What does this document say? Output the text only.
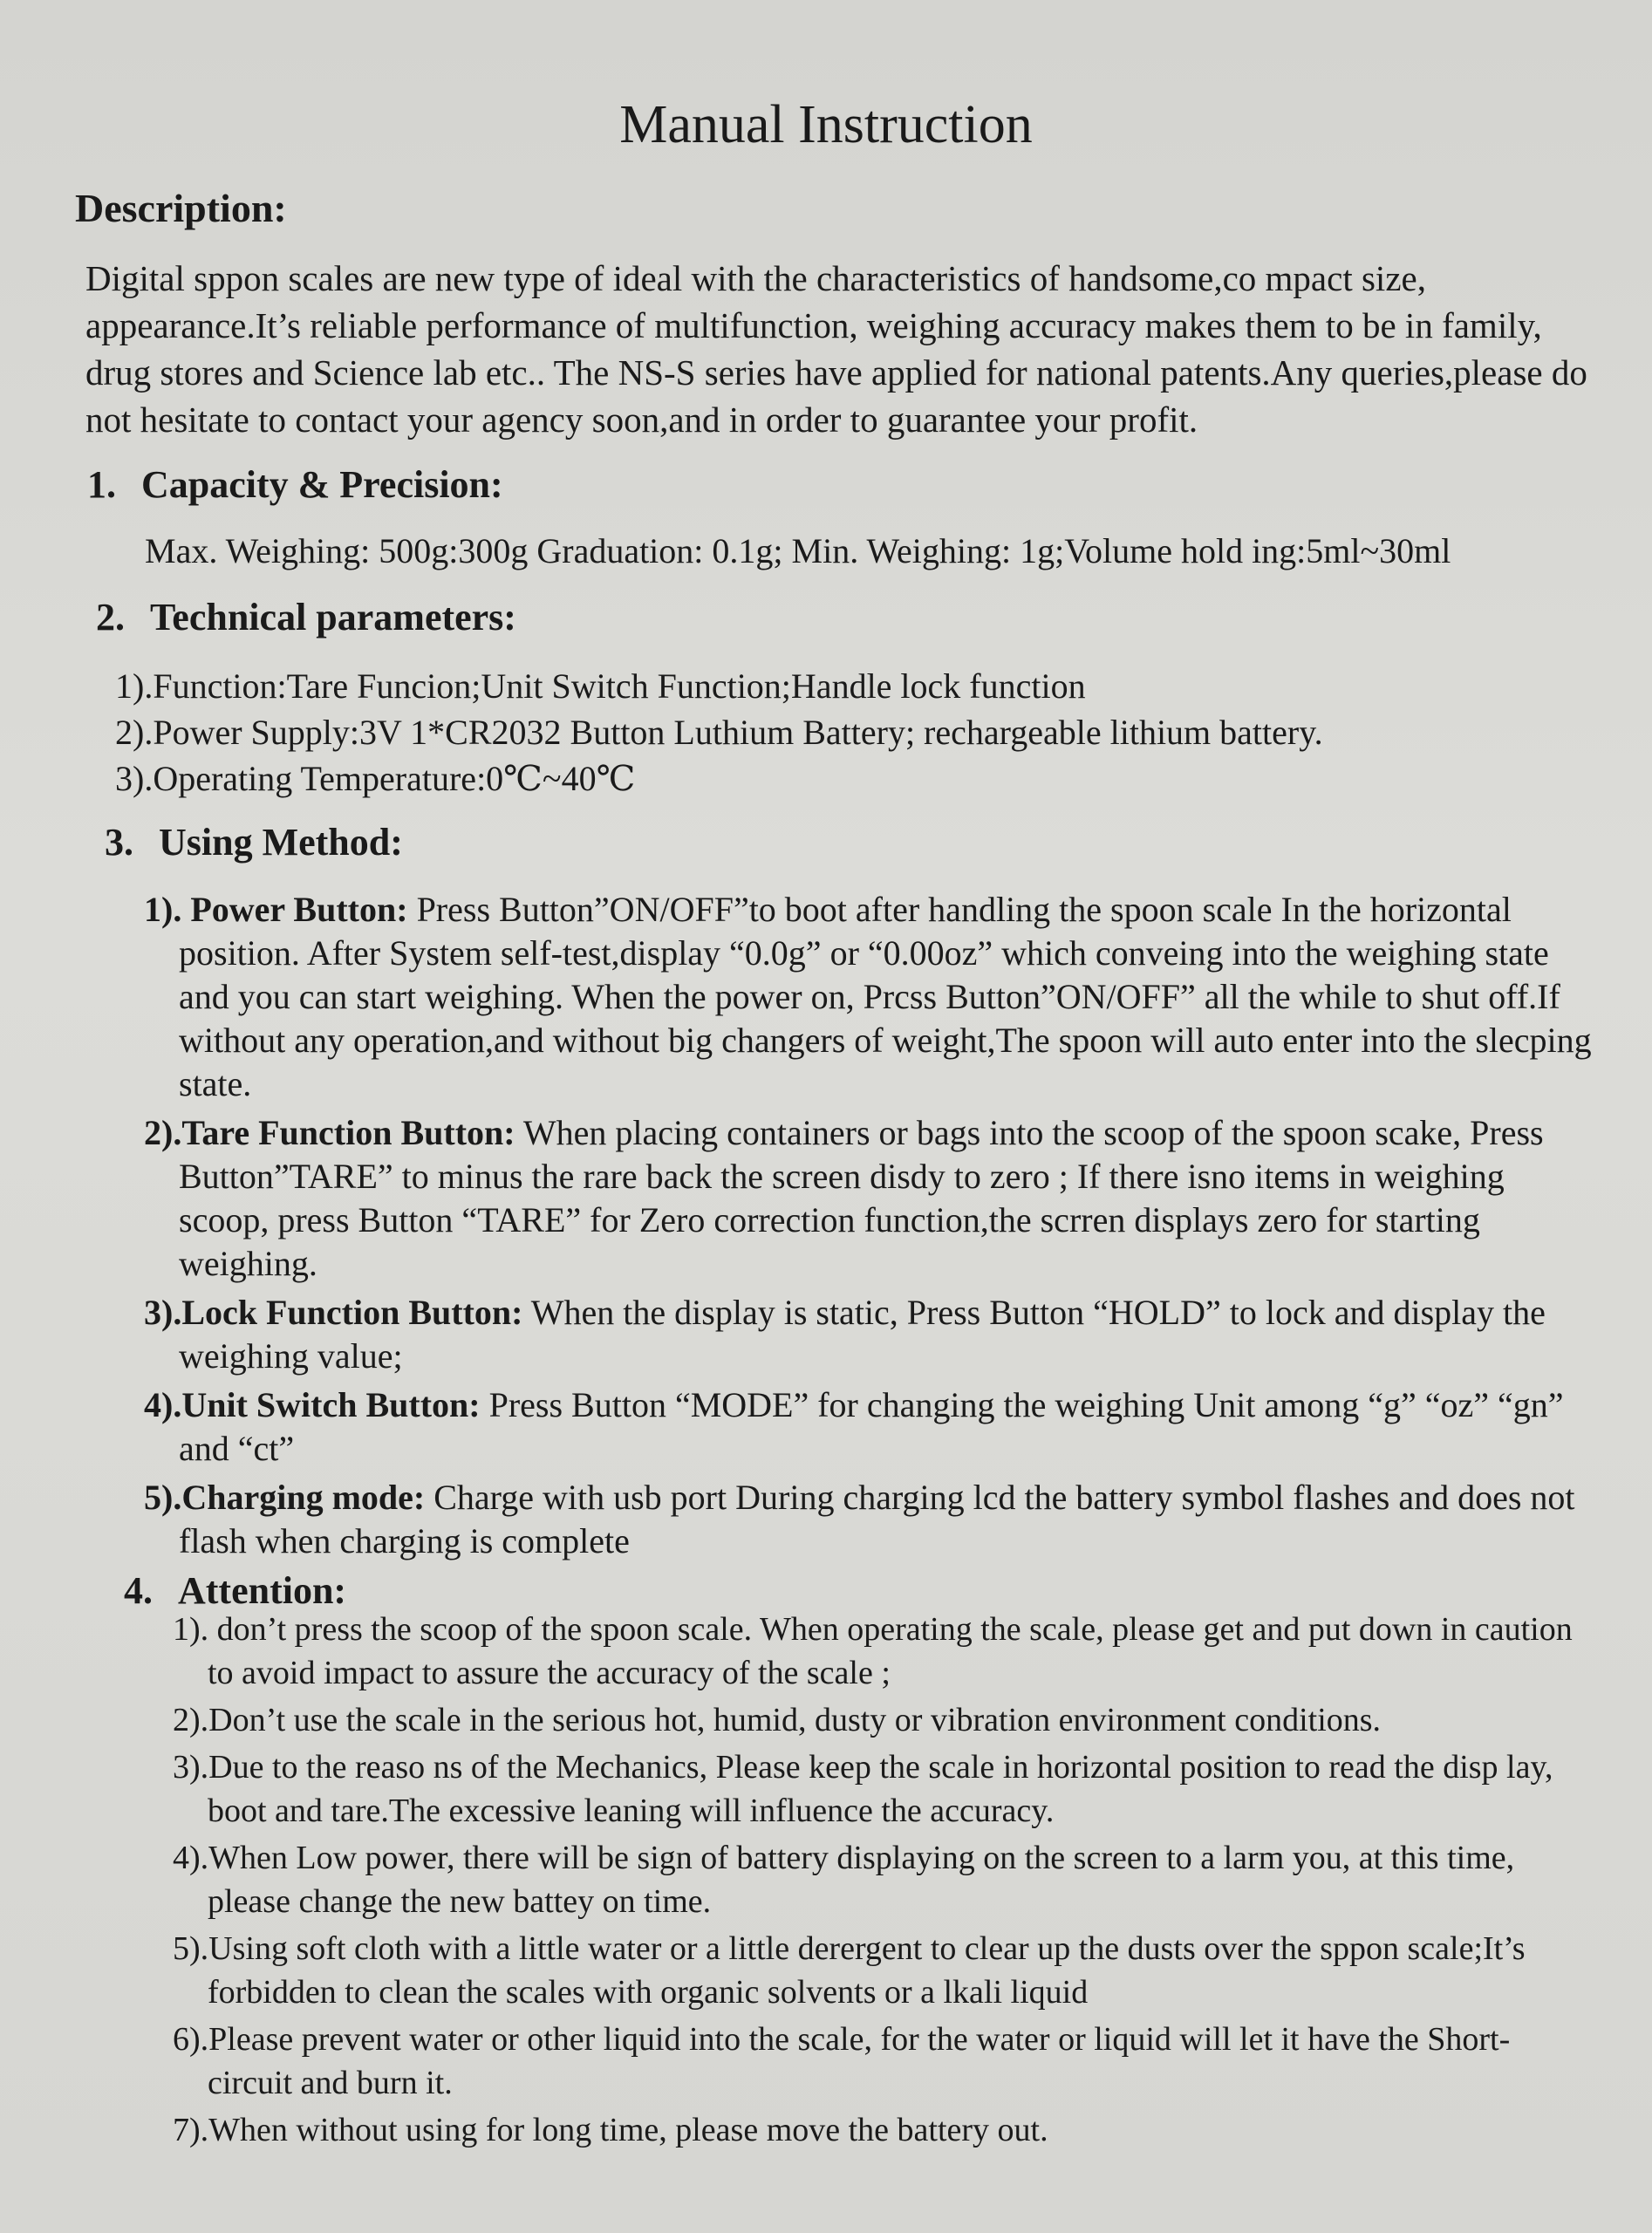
Manual Instruction
Description:

Digital sppon scales are new type of ideal with the characteristics of handsome,co mpact size, appearance.It’s reliable performance of multifunction, weighing accuracy makes them to be in family, drug stores and Science lab etc.. The NS-S series have applied for national patents.Any queries,please do not hesitate to contact your agency soon,and in order to guarantee your profit.

1. Capacity & Precision:

Max. Weighing: 500g:300g Graduation: 0.1g; Min. Weighing: 1g;Volume hold ing:5ml~30ml

2. Technical parameters:
1).Function:Tare Funcion;Unit Switch Function;Handle lock function
2).Power Supply:3V 1*CR2032 Button Luthium Battery; rechargeable lithium battery.
3).Operating Temperature:0℃~40℃
3. Using Method:
1). Power Button: Press Button”ON/OFF”to boot after handling the spoon scale In the horizontal position. After System self-test,display “0.0g” or “0.00oz” which conveing into the weighing state and you can start weighing. When the power on, Prcss Button”ON/OFF” all the while to shut off.If without any operation,and without big changers of weight,The spoon will auto enter into the slecping state.
2).Tare Function Button: When placing containers or bags into the scoop of the spoon scake, Press Button”TARE” to minus the rare back the screen disdy to zero ; If there isno items in weighing scoop, press Button “TARE” for Zero correction function,the scrren displays zero for starting weighing.
3).Lock Function Button: When the display is static, Press Button “HOLD” to lock and display the weighing value;
4).Unit Switch Button: Press Button “MODE” for changing the weighing Unit among “g” “oz” “gn” and “ct”
5).Charging mode: Charge with usb port During charging lcd the battery symbol flashes and does not flash when charging is complete
4. Attention:
1). don’t press the scoop of the spoon scale. When operating the scale, please get and put down in caution to avoid impact to assure the accuracy of the scale ;
2).Don’t use the scale in the serious hot, humid, dusty or vibration environment conditions.
3).Due to the reaso ns of the Mechanics, Please keep the scale in horizontal position to read the disp lay, boot and tare.The excessive leaning will influence the accuracy.
4).When Low power, there will be sign of battery displaying on the screen to a larm you, at this time, please change the new battey on time.
5).Using soft cloth with a little water or a little derergent to clear up the dusts over the sppon scale;It’s forbidden to clean the scales with organic solvents or a lkali liquid
6).Please prevent water or other liquid into the scale, for the water or liquid will let it have the Short-circuit and burn it.
7).When without using for long time, please move the battery out.
